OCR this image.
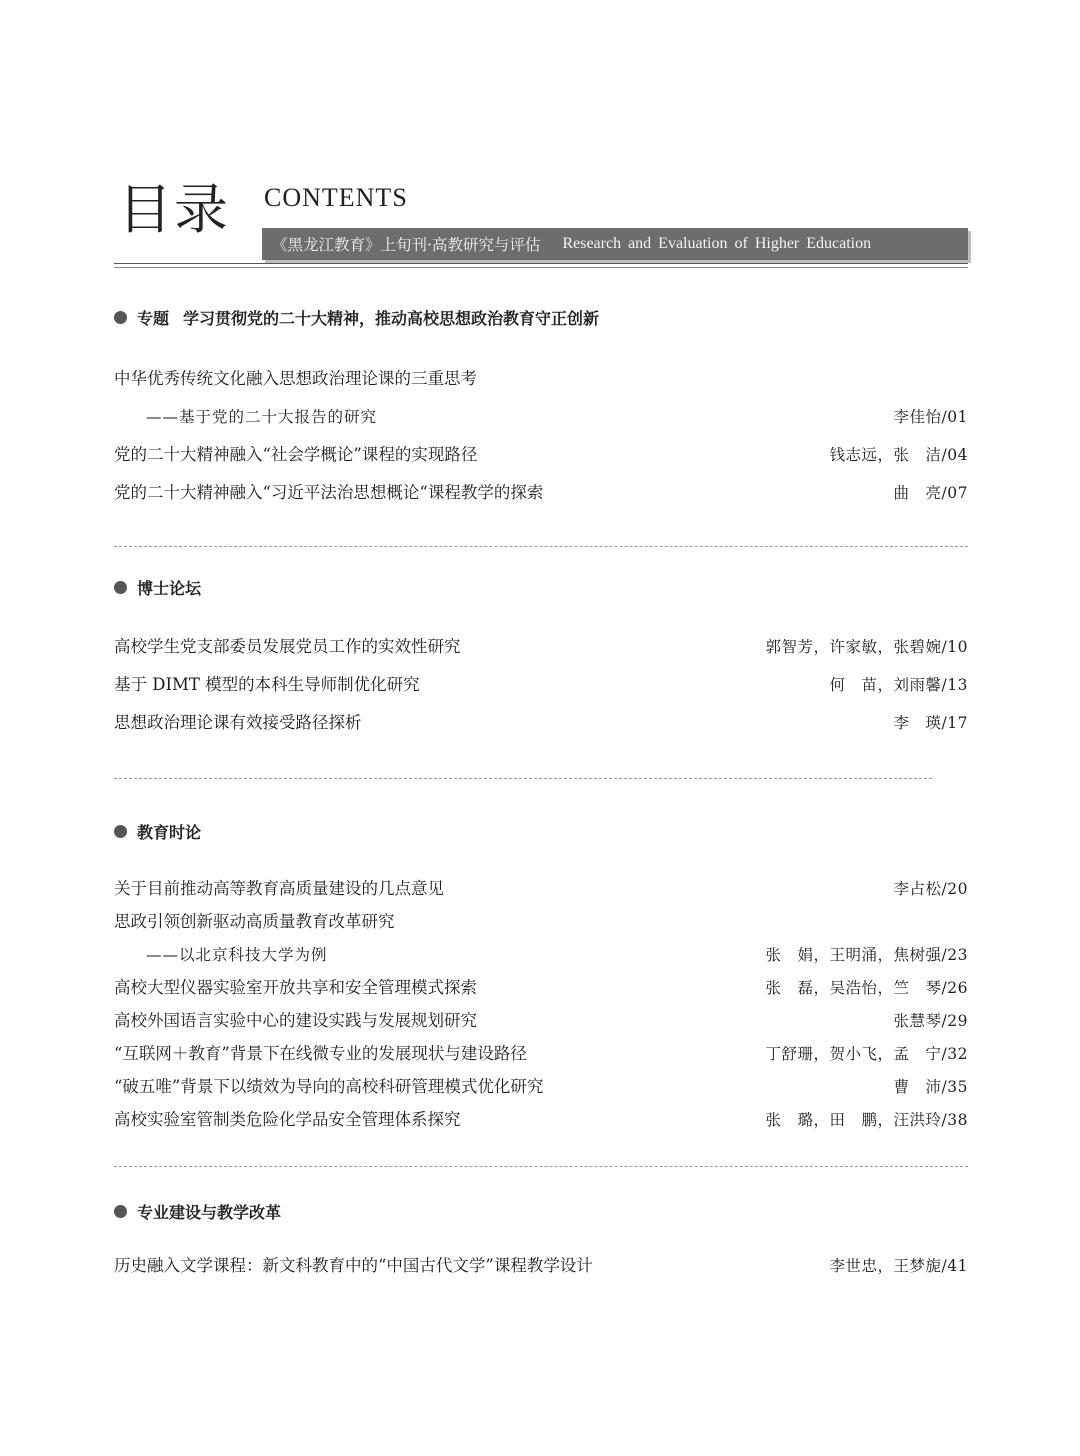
目录 CONTENTS
《黑龙江教育》上旬刊·高教研究与评估 Research and Evaluation of Higher Education
专题 学习贯彻党的二十大精神，推动高校思想政治教育守正创新
中华优秀传统文化融入思想政治理论课的三重思考
——基于党的二十大报告的研究	李佳怡/01
党的二十大精神融入“社会学概论”课程的实现路径	钱志远，张　洁/04
党的二十大精神融入“习近平法治思想概论“课程教学的探索	曲　亮/07
博士论坛
高校学生党支部委员发展党员工作的实效性研究	郭智芳，许家敏，张碧婉/10
基于 DIMT 模型的本科生导师制优化研究	何　苗，刘雨馨/13
思想政治理论课有效接受路径探析	李　瑛/17
教育时论
关于目前推动高等教育高质量建设的几点意见	李占松/20
思政引领创新驱动高质量教育改革研究
——以北京科技大学为例	张　娟，王明涌，焦树强/23
高校大型仪器实验室开放共享和安全管理模式探索	张　磊，吴浩怡，竺　琴/26
高校外国语言实验中心的建设实践与发展规划研究	张慧琴/29
“互联网＋教育”背景下在线微专业的发展现状与建设路径	丁舒珊，贺小飞，孟　宁/32
“破五唯”背景下以绩效为导向的高校科研管理模式优化研究	曹　沛/35
高校实验室管制类危险化学品安全管理体系探究	张　璐，田　鹏，汪洪玲/38
专业建设与教学改革
历史融入文学课程：新文科教育中的“中国古代文学”课程教学设计	李世忠，王梦旎/41
